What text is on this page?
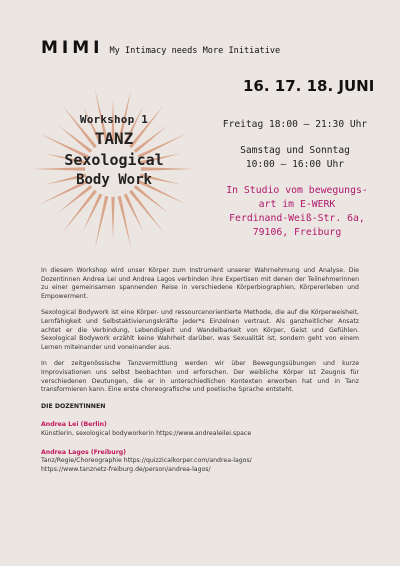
MIMI My Intimacy needs More Initiative
Workshop 1
TANZ
Sexological
Body Work
16. 17. 18. JUNI
Freitag 18:00 – 21:30 Uhr
Samstag und Sonntag
10:00 – 16:00 Uhr
In Studio vom bewegungs-
art im E-WERK
Ferdinand-Weiß-Str. 6a,
79106, Freiburg

In diesem Workshop wird unser Körper zum Instrument unserer Wahrnehmung und Analyse. Die Dozentinnen Andrea Lei und Andrea Lagos verbinden ihre Expertisen mit denen der Teilnehmerinnen zu einer gemeinsamen spannenden Reise in verschiedene Körperbiographien, Körpererleben und Empowerment.

Sexological Bodywork ist eine Körper- und ressourcenorientierte Methode, die auf die Körperweisheit, Lernfähigkeit und Selbstaktivierungskräfte jeder*s Einzelnen vertraut. Als ganzheitlicher Ansatz achtet er die Verbindung, Lebendigkeit und Wandelbarkeit von Körper, Geist und Gefühlen. Sexological Bodywork erzählt keine Wahrheit darüber, was Sexualität ist, sondern geht von einem Lernen miteinander und voneinander aus.

In der zeitgenössische Tanzvermittlung werden wir über Bewegungsübungen und kurze Improvisationen uns selbst beobachten und erforschen. Der weibliche Körper ist Zeugnis für verschiedenen Deutungen, die er in unterschiedlichen Kontexten erworben hat und in Tanz transformieren kann. Eine erste choreografische und poetische Sprache entsteht.

DIE DOZENTINNEN

Andrea Lei (Berlin)

Künstlerin, sexological bodyworkerin https://www.andrealeilei.space

Andrea Lagos (Freiburg)

Tanz/Regie/Choreographie https://quizzicalkorper.com/andrea-lagos/

https://www.tanznetz-freiburg.de/person/andrea-lagos/
